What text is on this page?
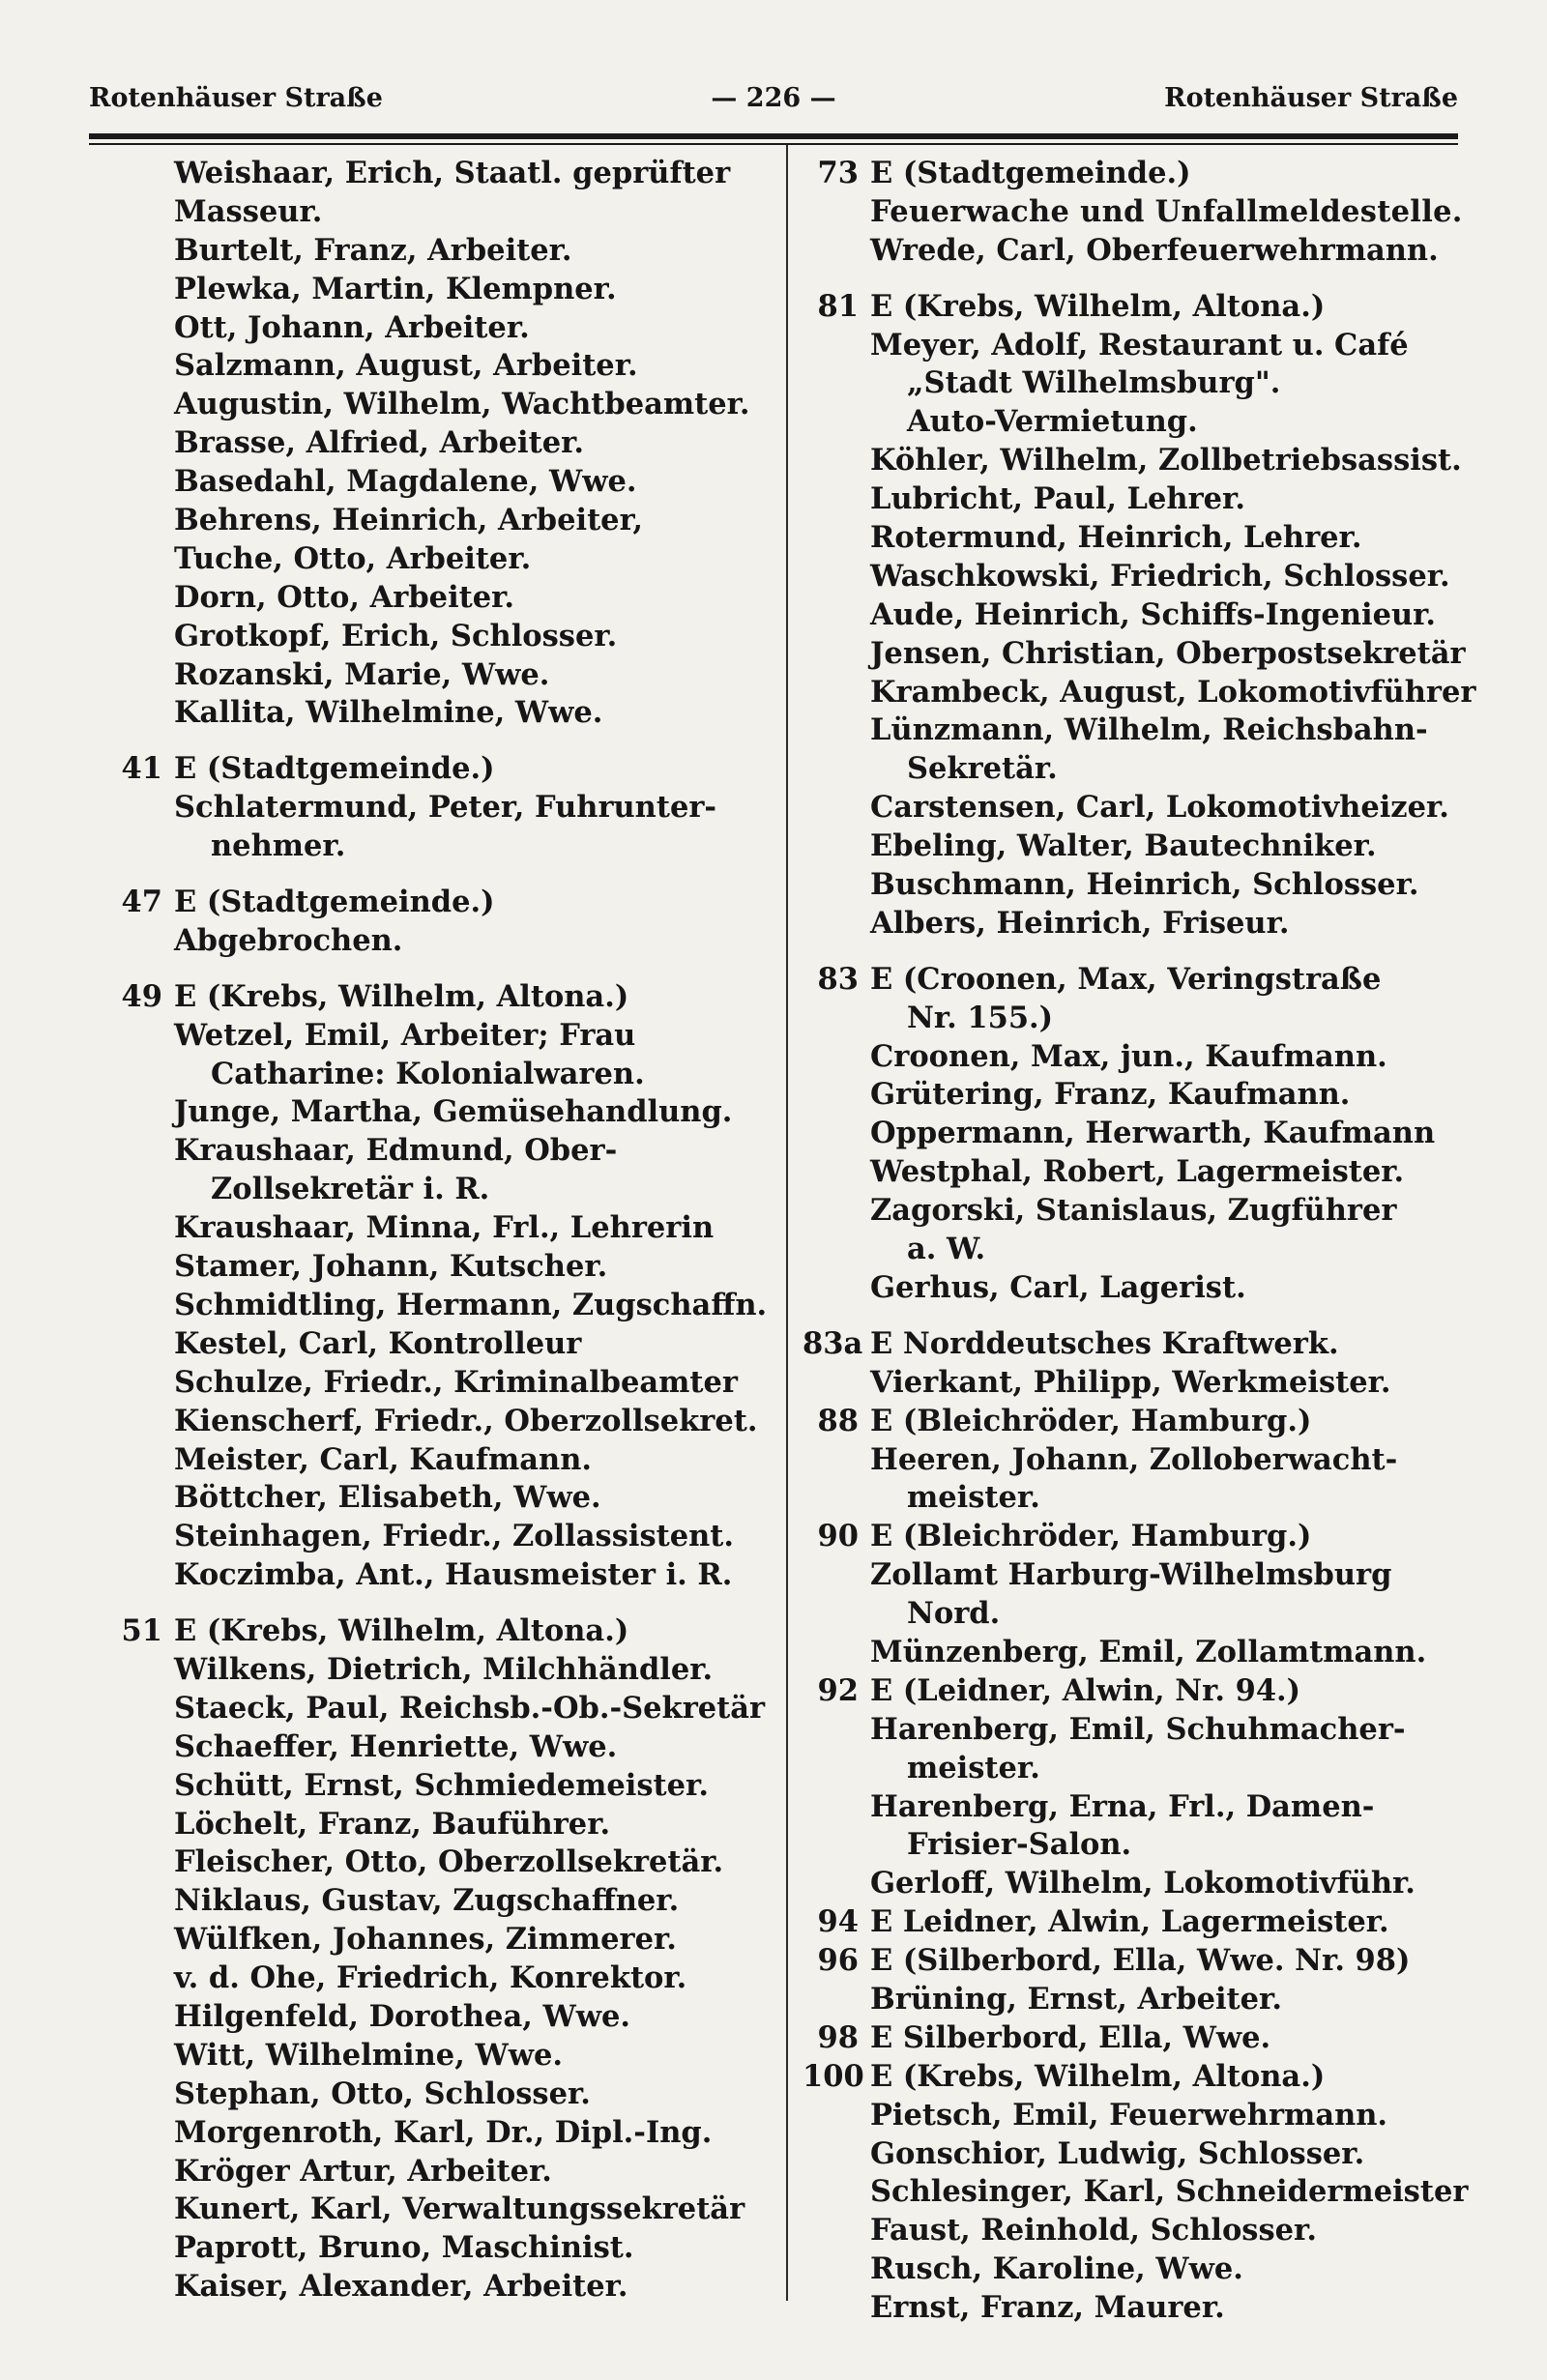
Rotenhäuser Straße	— 226 —	Rotenhäuser Straße
Weishaar, Erich, Staatl. geprüfter
Masseur.
Burtelt, Franz, Arbeiter.
Plewka, Martin, Klempner.
Ott, Johann, Arbeiter.
Salzmann, August, Arbeiter.
Augustin, Wilhelm, Wachtbeamter.
Brasse, Alfried, Arbeiter.
Basedahl, Magdalene, Wwe.
Behrens, Heinrich, Arbeiter,
Tuche, Otto, Arbeiter.
Dorn, Otto, Arbeiter.
Grotkopf, Erich, Schlosser.
Rozanski, Marie, Wwe.
Kallita, Wilhelmine, Wwe.
41 E (Stadtgemeinde.)
Schlatermund, Peter, Fuhrunter-
nehmer.
47 E (Stadtgemeinde.)
Abgebrochen.
49 E (Krebs, Wilhelm, Altona.)
Wetzel, Emil, Arbeiter; Frau
Catharine: Kolonialwaren.
Junge, Martha, Gemüsehandlung.
Kraushaar, Edmund, Ober-
Zollsekretär i. R.
Kraushaar, Minna, Frl., Lehrerin
Stamer, Johann, Kutscher.
Schmidtling, Hermann, Zugschaffn.
Kestel, Carl, Kontrolleur
Schulze, Friedr., Kriminalbeamter
Kienscherf, Friedr., Oberzollsekret.
Meister, Carl, Kaufmann.
Böttcher, Elisabeth, Wwe.
Steinhagen, Friedr., Zollassistent.
Koczimba, Ant., Hausmeister i. R.
51 E (Krebs, Wilhelm, Altona.)
Wilkens, Dietrich, Milchhändler.
Staeck, Paul, Reichsb.-Ob.-Sekretär
Schaeffer, Henriette, Wwe.
Schütt, Ernst, Schmiedemeister.
Löchelt, Franz, Bauführer.
Fleischer, Otto, Oberzollsekretär.
Niklaus, Gustav, Zugschaffner.
Wülfken, Johannes, Zimmerer.
v. d. Ohe, Friedrich, Konrektor.
Hilgenfeld, Dorothea, Wwe.
Witt, Wilhelmine, Wwe.
Stephan, Otto, Schlosser.
Morgenroth, Karl, Dr., Dipl.-Ing.
Kröger Artur, Arbeiter.
Kunert, Karl, Verwaltungssekretär
Paprott, Bruno, Maschinist.
Kaiser, Alexander, Arbeiter.
73 E (Stadtgemeinde.)
Feuerwache und Unfallmeldestelle.
Wrede, Carl, Oberfeuerwehrmann.
81 E (Krebs, Wilhelm, Altona.)
Meyer, Adolf, Restaurant u. Café
„Stadt Wilhelmsburg".
Auto-Vermietung.
Köhler, Wilhelm, Zollbetriebsassist.
Lubricht, Paul, Lehrer.
Rotermund, Heinrich, Lehrer.
Waschkowski, Friedrich, Schlosser.
Aude, Heinrich, Schiffs-Ingenieur.
Jensen, Christian, Oberpostsekretär
Krambeck, August, Lokomotivführer
Lünzmann, Wilhelm, Reichsbahn-
Sekretär.
Carstensen, Carl, Lokomotivheizer.
Ebeling, Walter, Bautechniker.
Buschmann, Heinrich, Schlosser.
Albers, Heinrich, Friseur.
83 E (Croonen, Max, Veringstraße
Nr. 155.)
Croonen, Max, jun., Kaufmann.
Grütering, Franz, Kaufmann.
Oppermann, Herwarth, Kaufmann
Westphal, Robert, Lagermeister.
Zagorski, Stanislaus, Zugführer
a. W.
Gerhus, Carl, Lagerist.
83a E Norddeutsches Kraftwerk.
Vierkant, Philipp, Werkmeister.
88 E (Bleichröder, Hamburg.)
Heeren, Johann, Zolloberwacht-
meister.
90 E (Bleichröder, Hamburg.)
Zollamt Harburg-Wilhelmsburg
Nord.
Münzenberg, Emil, Zollamtmann.
92 E (Leidner, Alwin, Nr. 94.)
Harenberg, Emil, Schuhmacher-
meister.
Harenberg, Erna, Frl., Damen-
Frisier-Salon.
Gerloff, Wilhelm, Lokomotivführ.
94 E Leidner, Alwin, Lagermeister.
96 E (Silberbord, Ella, Wwe. Nr. 98)
Brüning, Ernst, Arbeiter.
98 E Silberbord, Ella, Wwe.
100 E (Krebs, Wilhelm, Altona.)
Pietsch, Emil, Feuerwehrmann.
Gonschior, Ludwig, Schlosser.
Schlesinger, Karl, Schneidermeister
Faust, Reinhold, Schlosser.
Rusch, Karoline, Wwe.
Ernst, Franz, Maurer.
